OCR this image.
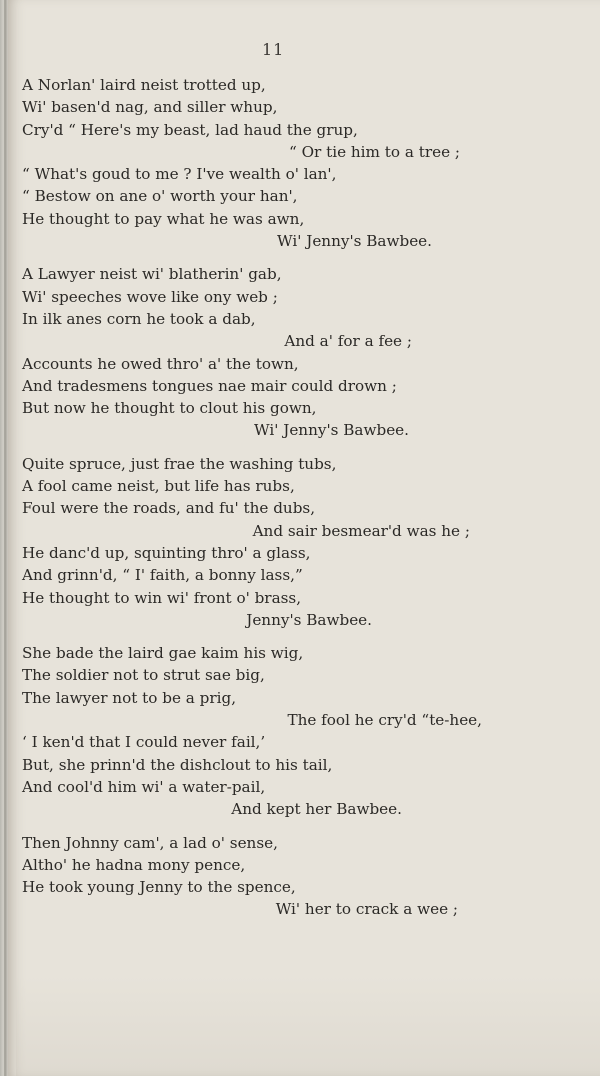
11
A Norlan' laird neist trotted up,
Wi' basen'd nag, and siller whup,
Cry'd “ Here's my beast, lad haud the grup,
“ Or tie him to a tree ;
“ What's goud to me ? I've wealth o' lan',
“ Bestow on ane o' worth your han',
He thought to pay what he was awn,
Wi' Jenny's Bawbee.
A Lawyer neist wi' blatherin' gab,
Wi' speeches wove like ony web ;
In ilk anes corn he took a dab,
And a' for a fee ;
Accounts he owed thro' a' the town,
And tradesmens tongues nae mair could drown ;
But now he thought to clout his gown,
Wi' Jenny's Bawbee.
Quite spruce, just frae the washing tubs,
A fool came neist, but life has rubs,
Foul were the roads, and fu' the dubs,
And sair besmear'd was he ;
He danc'd up, squinting thro' a glass,
And grinn'd, “ I' faith, a bonny lass,”
He thought to win wi' front o' brass,
Jenny's Bawbee.
She bade the laird gae kaim his wig,
The soldier not to strut sae big,
The lawyer not to be a prig,
The fool he cry'd “te-hee,
‘ I ken'd that I could never fail,’
But, she prinn'd the dishclout to his tail,
And cool'd him wi' a water-pail,
And kept her Bawbee.
Then Johnny cam', a lad o' sense,
Altho' he hadna mony pence,
He took young Jenny to the spence,
Wi' her to crack a wee ;
